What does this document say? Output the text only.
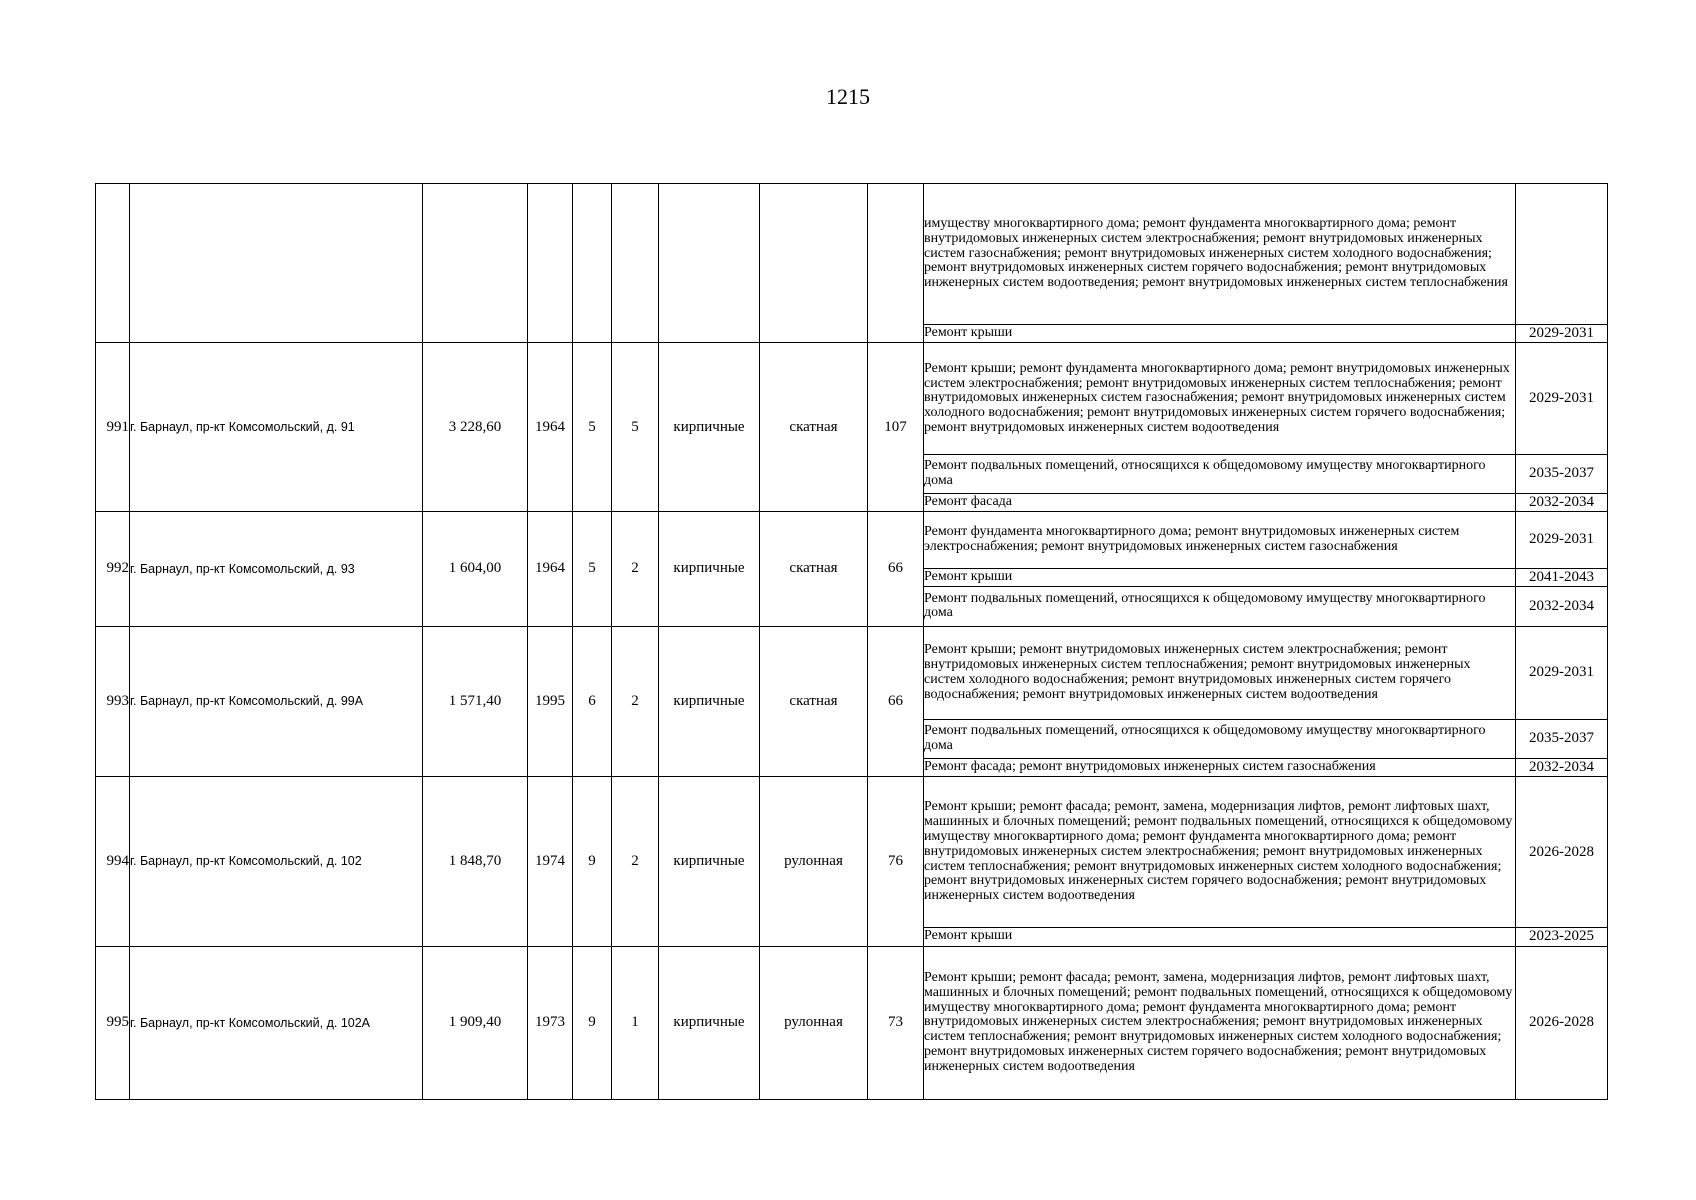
1215
									имуществу многоквартирного дома; ремонт фундамента многоквартирного дома; ремонт внутридомовых инженерных систем электроснабжения; ремонт внутридомовых инженерных систем газоснабжения; ремонт внутридомовых инженерных систем холодного водоснабжения; ремонт внутридомовых инженерных систем горячего водоснабжения; ремонт внутридомовых инженерных систем водоотведения; ремонт внутридомовых инженерных систем теплоснабжения	
									Ремонт крыши	2029-2031
991	г. Барнаул, пр-кт Комсомольский, д. 91	3 228,60	1964	5	5	кирпичные	скатная	107	Ремонт крыши; ремонт фундамента многоквартирного дома; ремонт внутридомовых инженерных систем электроснабжения; ремонт внутридомовых инженерных систем теплоснабжения; ремонт внутридомовых инженерных систем газоснабжения; ремонт внутридомовых инженерных систем холодного водоснабжения; ремонт внутридомовых инженерных систем горячего водоснабжения; ремонт внутридомовых инженерных систем водоотведения	2029-2031
									Ремонт подвальных помещений, относящихся к общедомовому имуществу многоквартирного дома	2035-2037
									Ремонт фасада	2032-2034
992	г. Барнаул, пр-кт Комсомольский, д. 93	1 604,00	1964	5	2	кирпичные	скатная	66	Ремонт фундамента многоквартирного дома; ремонт внутридомовых инженерных систем электроснабжения; ремонт внутридомовых инженерных систем газоснабжения	2029-2031
									Ремонт крыши	2041-2043
									Ремонт подвальных помещений, относящихся к общедомовому имуществу многоквартирного дома	2032-2034
993	г. Барнаул, пр-кт Комсомольский, д. 99А	1 571,40	1995	6	2	кирпичные	скатная	66	Ремонт крыши; ремонт внутридомовых инженерных систем электроснабжения; ремонт внутридомовых инженерных систем теплоснабжения; ремонт внутридомовых инженерных систем холодного водоснабжения; ремонт внутридомовых инженерных систем горячего водоснабжения; ремонт внутридомовых инженерных систем водоотведения	2029-2031
									Ремонт подвальных помещений, относящихся к общедомовому имуществу многоквартирного дома	2035-2037
									Ремонт фасада; ремонт внутридомовых инженерных систем газоснабжения	2032-2034
994	г. Барнаул, пр-кт Комсомольский, д. 102	1 848,70	1974	9	2	кирпичные	рулонная	76	Ремонт крыши; ремонт фасада; ремонт, замена, модернизация лифтов, ремонт лифтовых шахт, машинных и блочных помещений; ремонт подвальных помещений, относящихся к общедомовому имуществу многоквартирного дома; ремонт фундамента многоквартирного дома; ремонт внутридомовых инженерных систем электроснабжения; ремонт внутридомовых инженерных систем теплоснабжения; ремонт внутридомовых инженерных систем холодного водоснабжения; ремонт внутридомовых инженерных систем горячего водоснабжения; ремонт внутридомовых инженерных систем водоотведения	2026-2028
									Ремонт крыши	2023-2025
995	г. Барнаул, пр-кт Комсомольский, д. 102А	1 909,40	1973	9	1	кирпичные	рулонная	73	Ремонт крыши; ремонт фасада; ремонт, замена, модернизация лифтов, ремонт лифтовых шахт, машинных и блочных помещений; ремонт подвальных помещений, относящихся к общедомовому имуществу многоквартирного дома; ремонт фундамента многоквартирного дома; ремонт внутридомовых инженерных систем электроснабжения; ремонт внутридомовых инженерных систем теплоснабжения; ремонт внутридомовых инженерных систем холодного водоснабжения; ремонт внутридомовых инженерных систем горячего водоснабжения; ремонт внутридомовых инженерных систем водоотведения	2026-2028
